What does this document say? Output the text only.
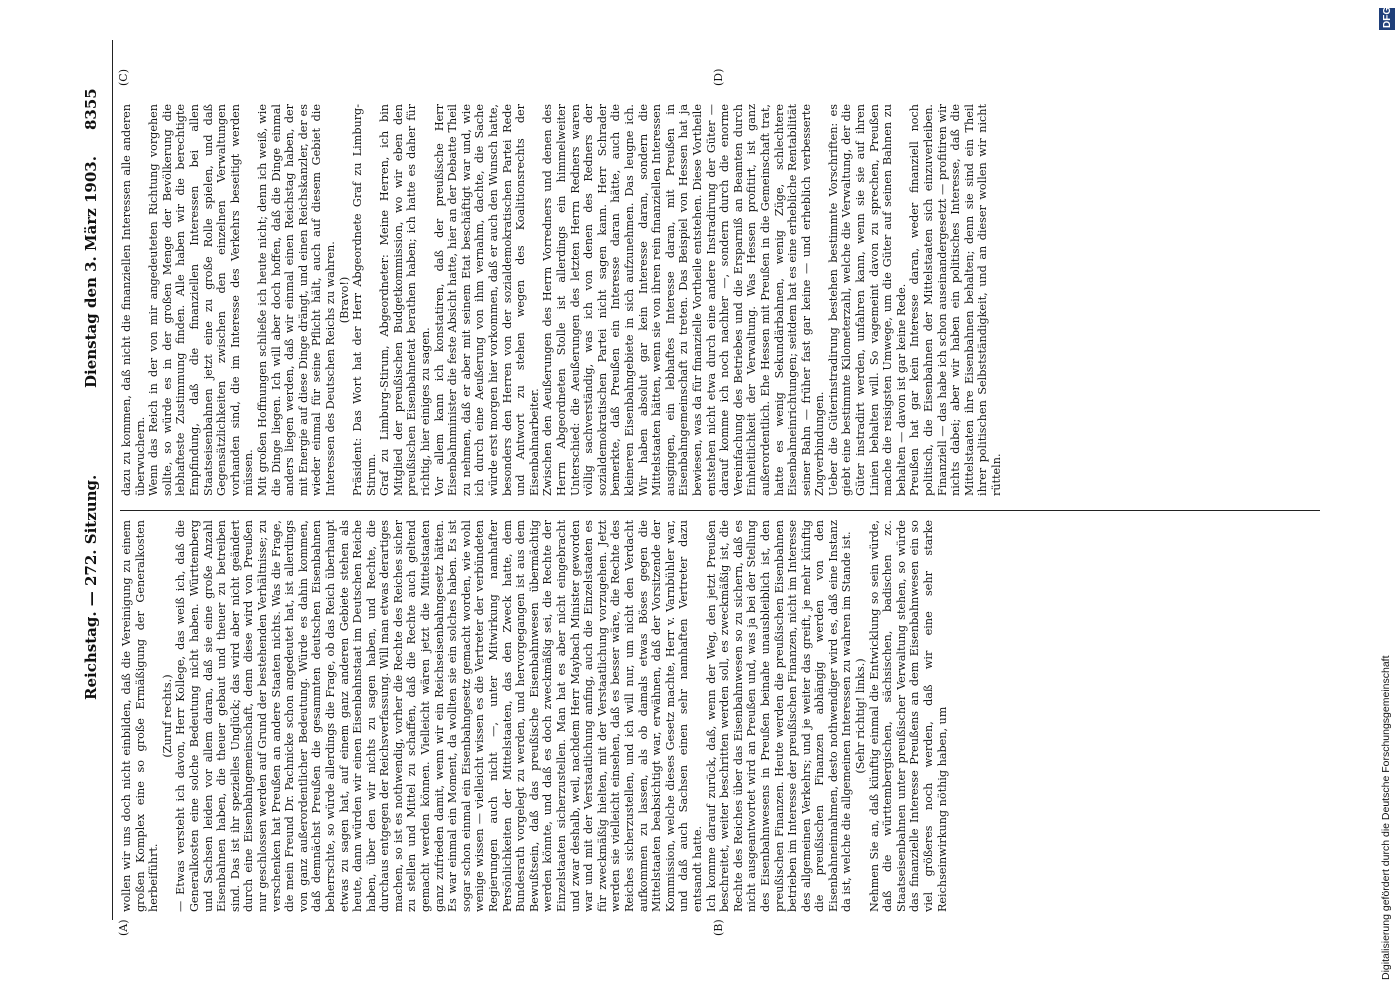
Reichstag. — 272. Sitzung.
Dienstag den 3. März 1903.
8355
(A)	(B)
(C)	(D)

wollen wir uns doch nicht einbilden, daß die Vereinigung zu einem großen Komplex eine so große Ermäßigung der Generalkosten herbeiführt.

(Zuruf rechts.) — Etwas versteht ich davon, Herr Kollege, das weiß ich, daß die Generalkosten eine solche Bedeutung nicht haben. Württemberg und Sachsen leiden vor allem daran, daß sie eine große Anzahl Eisenbahnen haben, die theuer gebaut und theuer zu betreiben sind. Das ist ihr spezielles Unglück; das wird aber nicht geändert durch eine Eisenbahngemeinschaft, denn diese wird von Preußen nur geschlossen werden auf Grund der bestehenden Verhältnisse; zu verschenken hat Preußen an andere Staaten nichts. Was die Frage, die mein Freund Dr. Pachnicke schon angedeutet hat, ist allerdings von ganz außerordentlicher Bedeutung. Würde es dahin kommen, daß demnächst Preußen die gesammten deutschen Eisenbahnen beherrschte, so würde allerdings die Frage, ob das Reich überhaupt etwas zu sagen hat, auf einem ganz anderen Gebiete stehen als heute, dann würden wir einen Eisenbahnstaat im Deutschen Reiche haben, über den wir nichts zu sagen haben, und Rechte, die durchaus entgegen der Reichsverfassung. Will man etwas derartiges machen, so ist es nothwendig, vorher die Rechte des Reiches sicher zu stellen und Mittel zu schaffen, daß die Rechte auch geltend gemacht werden können. Vielleicht wären jetzt die Mittelstaaten ganz zufrieden damit, wenn wir ein Reichseisenbahngesetz hätten. Es war einmal ein Moment, da wollten sie ein solches haben. Es ist sogar schon einmal ein Eisenbahngesetz gemacht worden, wie wohl wenige wissen — vielleicht wissen es die Vertreter der verbündeten Regierungen auch nicht —, unter Mitwirkung namhafter Persönlichkeiten der Mittelstaaten, das den Zweck hatte, dem Bundesrath vorgelegt zu werden, und hervorgegangen ist aus dem Bewußtsein, daß das preußische Eisenbahnwesen übermächtig werden könnte, und daß es doch zweckmäßig sei, die Rechte der Einzelstaaten sicherzustellen. Man hat es aber nicht eingebracht und zwar deshalb, weil, nachdem Herr Maybach Minister geworden war und mit der Verstaatlichung anfing, auch die Einzelstaaten es für zweckmäßig hielten, mit der Verstaatlichung vorzugehen. Jetzt werden sie vielleicht einsehen, daß es besser wäre, die Rechte des Reiches sicherzustellen, und ich will nur, um nicht den Verdacht aufkommen zu lassen, als ob damals etwas Böses gegen die Mittelstaaten beabsichtigt war, erwähnen, daß der Vorsitzende der Kommission, welche dieses Gesetz machte, Herr v. Varnbühler war, und daß auch Sachsen einen sehr namhaften Vertreter dazu entsandt hatte. Ich komme darauf zurück, daß, wenn der Weg, den jetzt Preußen beschreitet, weiter beschritten werden soll, es zweckmäßig ist, die Rechte des Reiches über das Eisenbahnwesen so zu sichern, daß es nicht ausgeantwortet wird an Preußen und, was ja bei der Stellung des Eisenbahnwesens in Preußen beinahe unausbleiblich ist, den preußischen Finanzen. Heute werden die preußischen Eisenbahnen betrieben im Interesse der preußischen Finanzen, nicht im Interesse des allgemeinen Verkehrs; und je weiter das greift, je mehr künftig die preußischen Finanzen abhängig werden von den Eisenbahneinnahmen, desto nothwendiger wird es, daß eine Instanz da ist, welche die allgemeinen Interessen zu wahren im Stande ist. (Sehr richtig! links.) Nehmen Sie an, daß künftig einmal die Entwicklung so sein würde, daß die württembergischen, sächsischen, badischen zc. Staatseisenbahnen unter preußischer Verwaltung stehen, so würde das finanzielle Interesse Preußens an dem Eisenbahnwesen ein so viel größeres noch werden, daß wir eine sehr starke Reichseinwirkung nöthig haben, um

dazu zu kommen, daß nicht die finanziellen Interessen alle anderen überwuchern. Wenn das Reich in der von mir angedeuteten Richtung vorgehen sollte, so würde es in der großen Menge der Bevölkerung die lebhafteste Zustimmung finden. Alle haben wir die berechtigte Empfindung, daß die finanziellen Interessen bei allen Staatseisenbahnen jetzt eine zu große Rolle spielen, und daß Gegensätzlichkeiten zwischen den einzelnen Verwaltungen vorhanden sind, die im Interesse des Verkehrs beseitigt werden müssen. Mit großen Hoffnungen schließe ich heute nicht; denn ich weiß, wie die Dinge liegen. Ich will aber doch hoffen, daß die Dinge einmal anders liegen werden, daß wir einmal einen Reichstag haben, der mit Energie auf diese Dinge drängt, und einen Reichskanzler, der es wieder einmal für seine Pflicht hält, auch auf diesem Gebiet die Interessen des Deutschen Reichs zu wahren. (Bravo!) Präsident: Das Wort hat der Herr Abgeordnete Graf zu Limburg-Stirum. Graf zu Limburg-Stirum, Abgeordneter: Meine Herren, ich bin Mitglied der preußischen Budgetkommission, wo wir eben den preußischen Eisenbahnetat berathen haben; ich hatte es daher für richtig, hier einiges zu sagen. Vor allem kann ich konstatiren, daß der preußische Herr Eisenbahnminister die feste Absicht hatte, hier an der Debatte Theil zu nehmen, daß er aber mit seinem Etat beschäftigt war und, wie ich durch eine Aeußerung von ihm vernahm, dachte, die Sache würde erst morgen hier vorkommen, daß er auch den Wunsch hatte, besonders den Herren von der sozialdemokratischen Partei Rede und Antwort zu stehen wegen des Koalitionsrechts der Eisenbahnarbeiter. Zwischen den Aeußerungen des Herrn Vorredners und denen des Herrn Abgeordneten Stolle ist allerdings ein himmelweiter Unterschied: die Aeußerungen des letzten Herrn Redners waren völlig sachverständig, was ich von denen des Redners der sozialdemokratischen Partei nicht sagen kann. Herr Schrader bemerkte, daß Preußen ein Interesse daran hätte, auch die kleineren Eisenbahngebiete in sich aufzunehmen. Das leugne ich. Wir haben absolut gar kein Interesse daran, sondern die Mittelstaaten hätten, wenn sie von ihren rein finanziellen Interessen ausgingen, ein lebhaftes Interesse daran, mit Preußen in Eisenbahngemeinschaft zu treten. Das Beispiel von Hessen hat ja bewiesen, was da für finanzielle Vortheile entstehen. Diese Vortheile entstehen nicht etwa durch eine andere Instradirung der Güter — darauf komme ich noch nachher —, sondern durch die enorme Vereinfachung des Betriebes und die Ersparniß an Beamten durch Einheitlichkeit der Verwaltung. Was Hessen profitirt, ist ganz außerordentlich. Ehe Hessen mit Preußen in die Gemeinschaft trat, hatte es wenig Sekundärbahnen, wenig Züge, schlechtere Eisenbahneinrichtungen; seitdem hat es eine erhebliche Rentabilität seiner Bahn — früher fast gar keine — und erheblich verbesserte Zugverbindungen. Ueber die Güterinstradirung bestehen bestimmte Vorschriften: es giebt eine bestimmte Kilometerzahl, welche die Verwaltung, der die Güter instradirt werden, unfahren kann, wenn sie sie auf ihren Linien behalten will. So vagemeint davon zu sprechen, Preußen mache die reisigsten Umwege, um die Güter auf seinen Bahnen zu behalten — davon ist gar keine Rede. Preußen hat gar kein Interesse daran, weder finanziell noch politisch, die Eisenbahnen der Mittelstaaten sich einzuverleiben. Finanziell — das habe ich schon auseinandergesetzt — profitiren wir nichts dabei; aber wir haben ein politisches Interesse, daß die Mittelstaaten ihre Eisenbahnen behalten; denn sie sind ein Theil ihrer politischen Selbstständigkeit, und an dieser wollen wir nicht rütteln.

Digitalisierung gefördert durch die Deutsche Forschungsgemeinschaft
DFG
